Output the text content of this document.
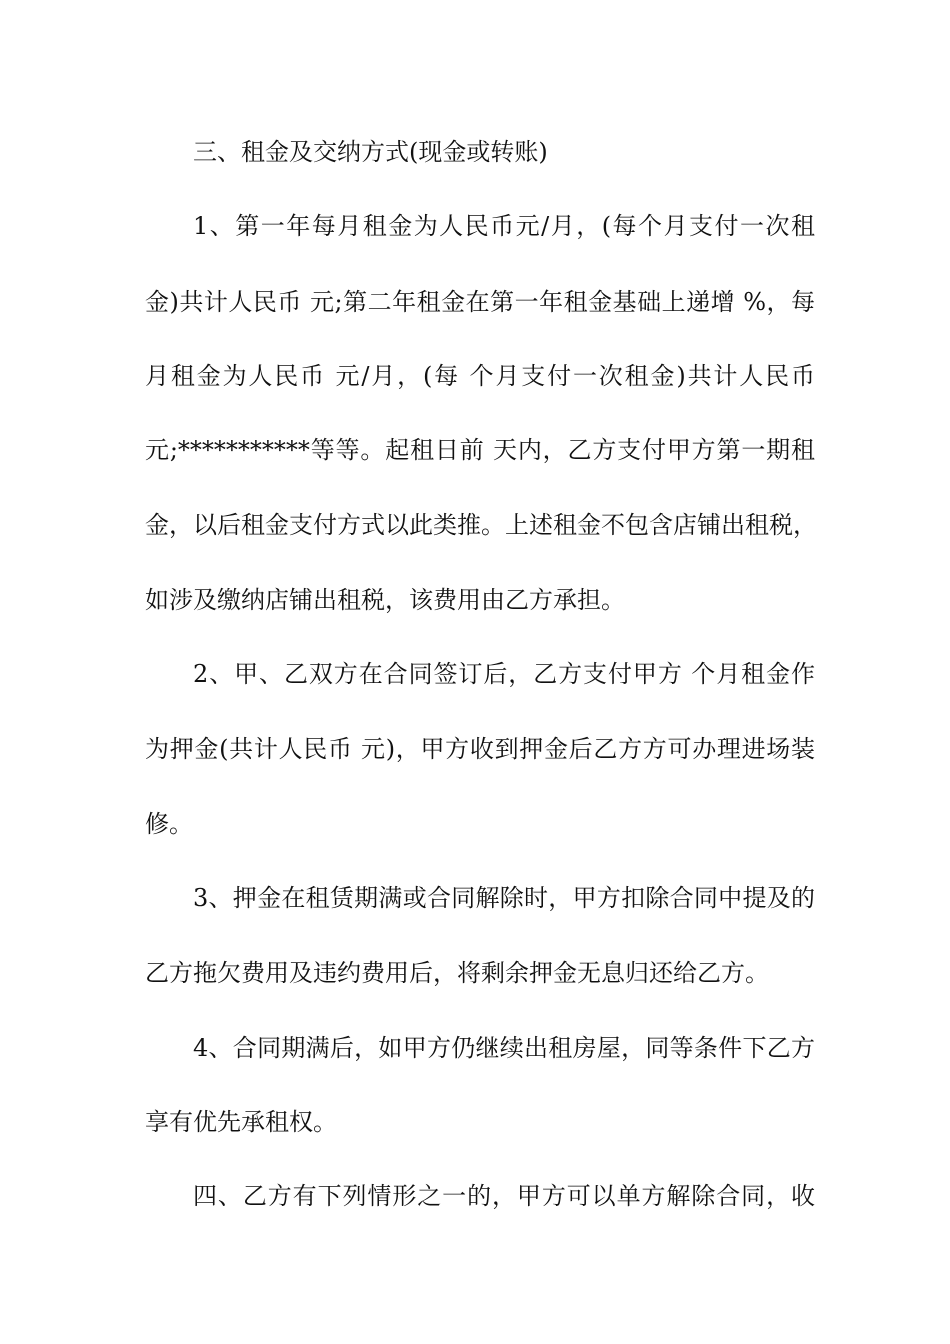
三、租金及交纳方式(现金或转账)
1、第一年每月租金为人民币元/月，(每个月支付一次租
金)共计人民币 元;第二年租金在第一年租金基础上递增 %，每
月租金为人民币 元/月，(每 个月支付一次租金)共计人民币
元;***********等等。起租日前 天内，乙方支付甲方第一期租
金，以后租金支付方式以此类推。上述租金不包含店铺出租税，
如涉及缴纳店铺出租税，该费用由乙方承担。
2、甲、乙双方在合同签订后，乙方支付甲方 个月租金作
为押金(共计人民币 元)，甲方收到押金后乙方方可办理进场装
修。
3、押金在租赁期满或合同解除时，甲方扣除合同中提及的
乙方拖欠费用及违约费用后，将剩余押金无息归还给乙方。
4、合同期满后，如甲方仍继续出租房屋，同等条件下乙方
享有优先承租权。
四、乙方有下列情形之一的，甲方可以单方解除合同，收
